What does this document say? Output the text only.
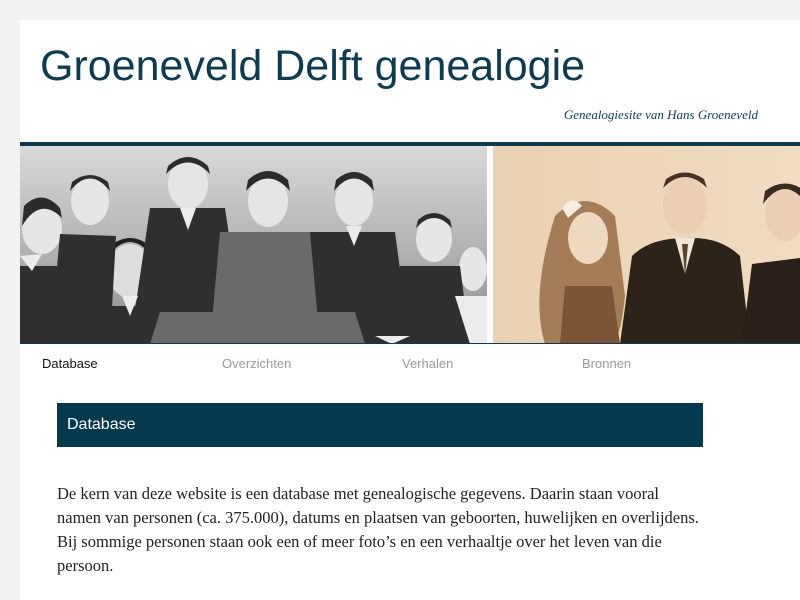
Groeneveld Delft genealogie
Genealogiesite van Hans Groeneveld
Database	Overzichten	Verhalen	Bronnen
Database

De kern van deze website is een database met genealogische gegevens. Daarin staan vooral namen van personen (ca. 375.000), datums en plaatsen van geboorten, huwelijken en overlijdens. Bij sommige personen staan ook een of meer foto’s en een verhaaltje over het leven van die persoon.
